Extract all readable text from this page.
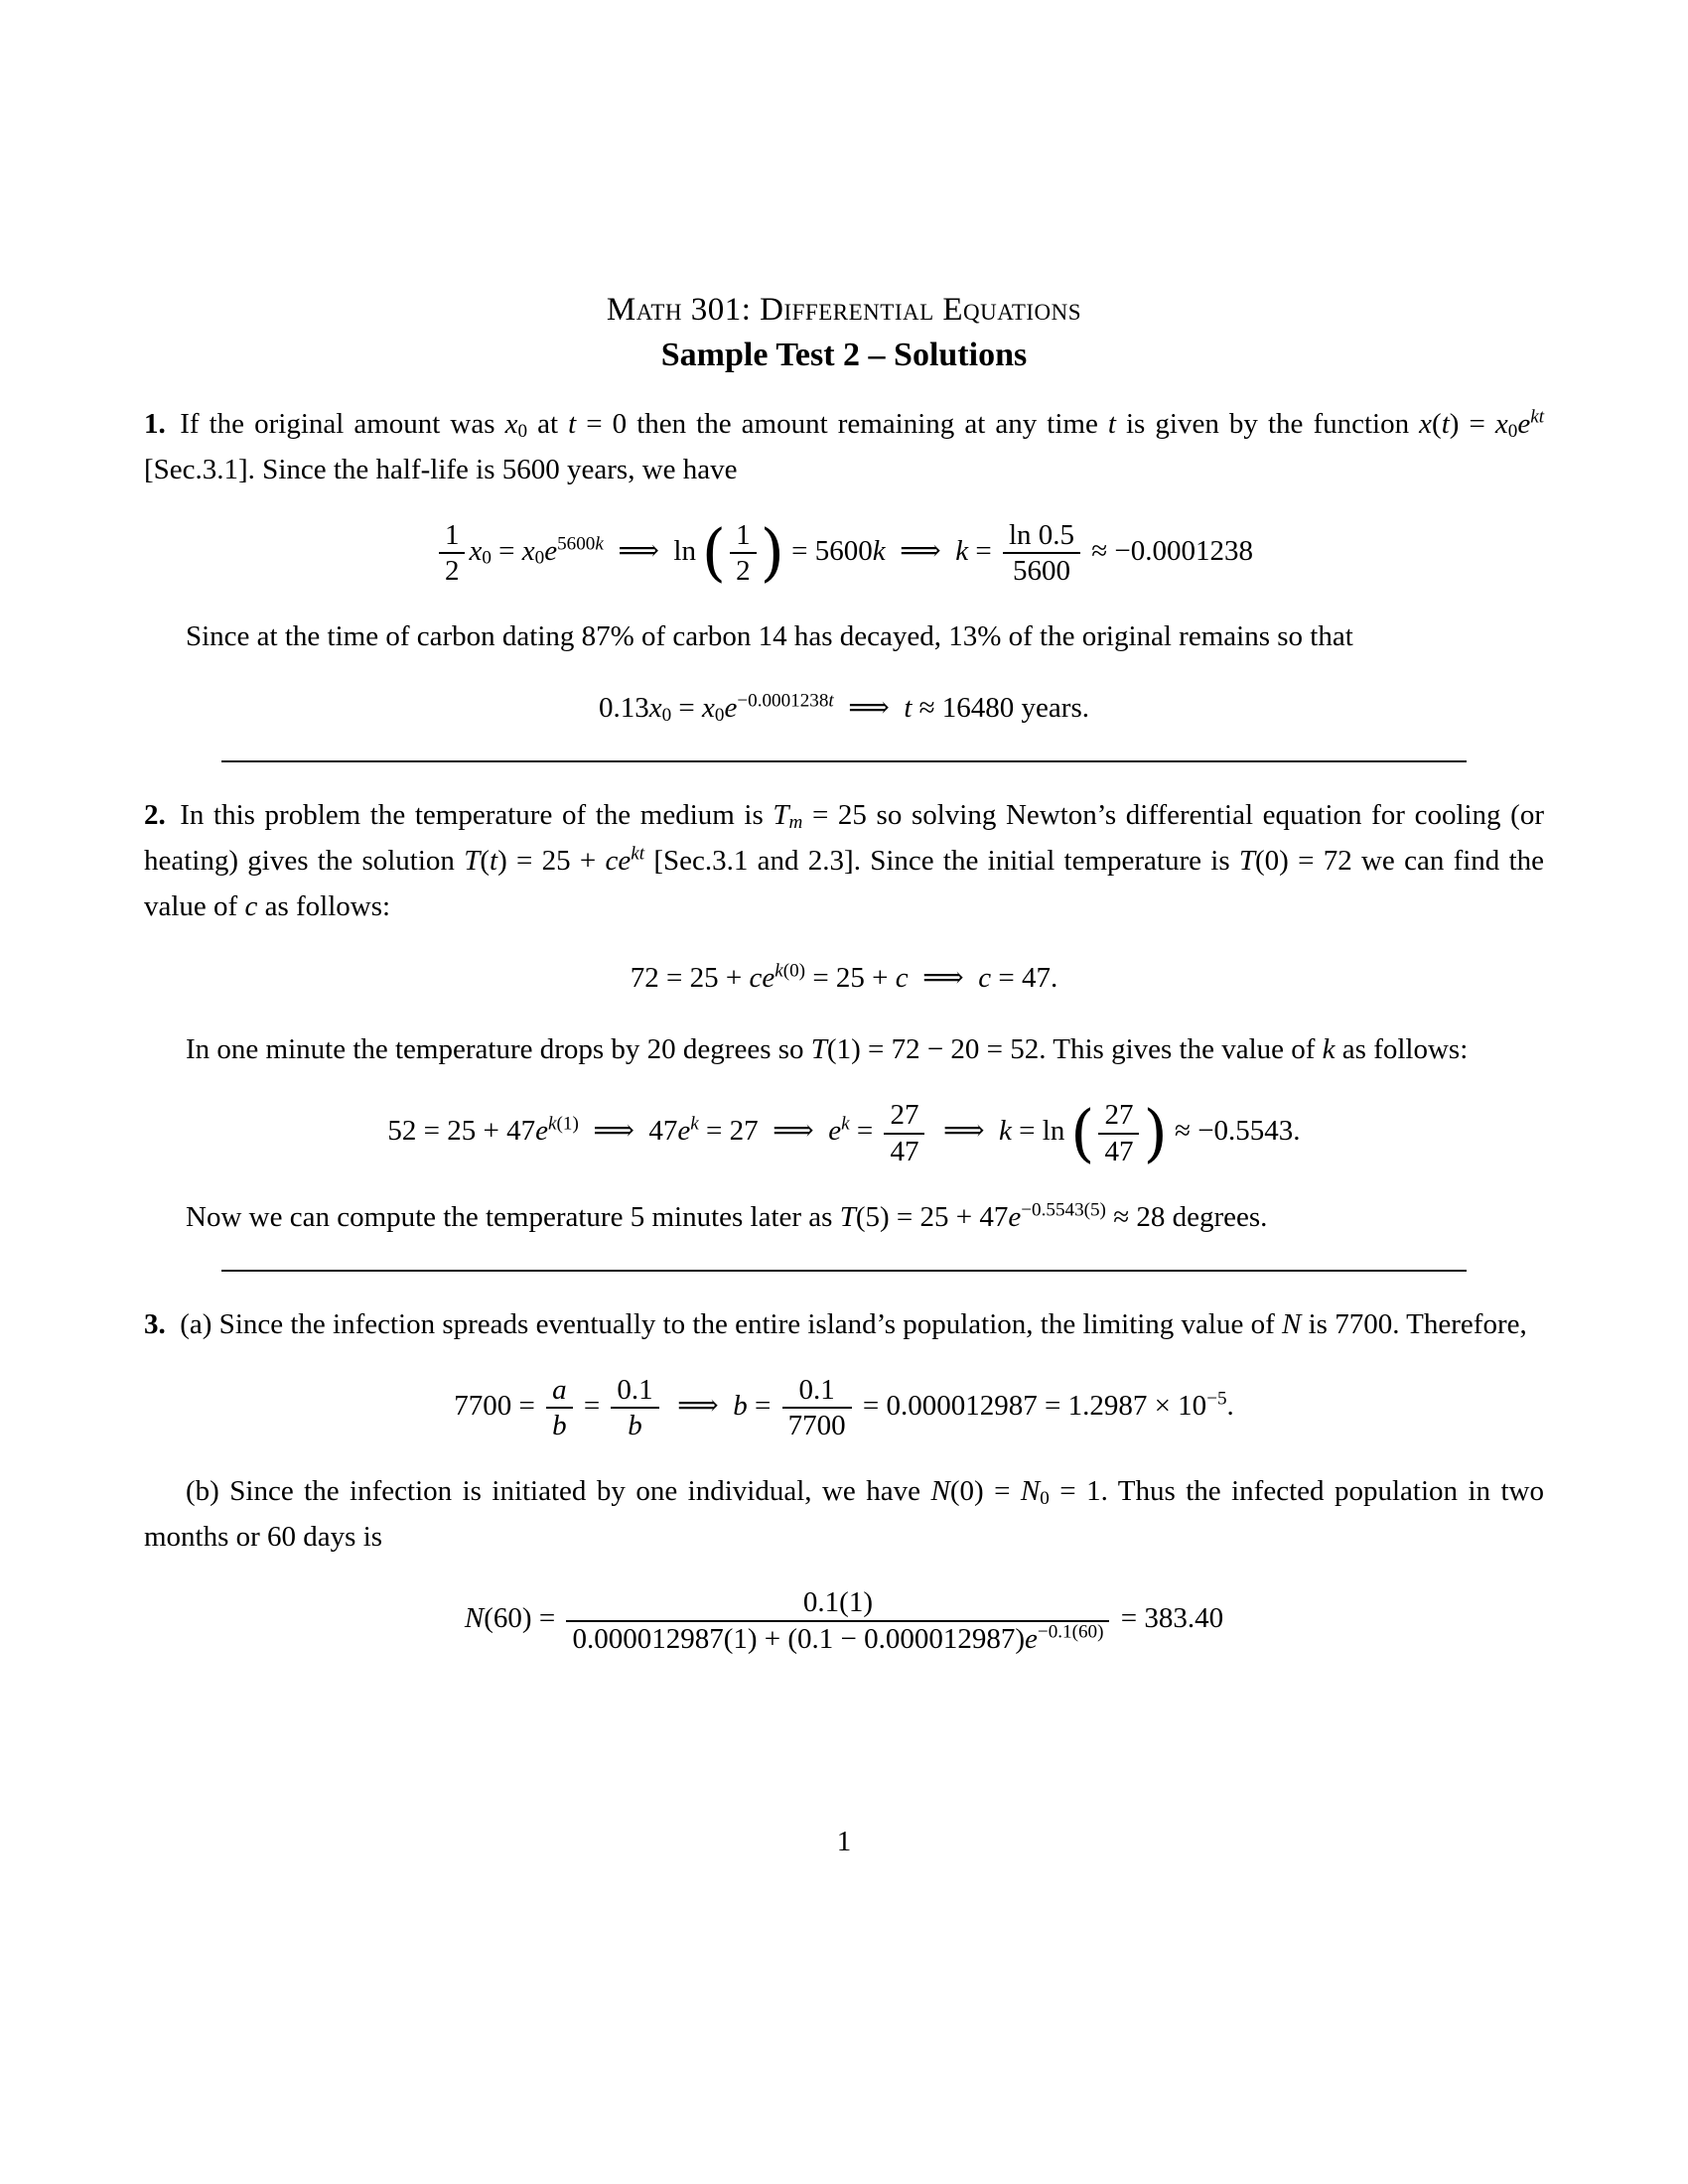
Math 301: Differential Equations
Sample Test 2 – Solutions
1. If the original amount was x0 at t = 0 then the amount remaining at any time t is given by the function $x(t) = x0e^{kt}$ [Sec.3.1]. Since the half-life is 5600 years, we have
$\frac{1}{2} x0 = x0e^{5600k}$ ⟹ ln  ( $\frac{1}{2}$ ) = 5600k ⟹ $k = \frac{\ln 0.5}{5600} \approx -0.0001238$
Since at the time of carbon dating 87% of carbon 14 has decayed, 13% of the original remains so that
$0.13x0 = x0e^{-0.0001238t}$ ⟹ t ≈ 16480 years.
2. In this problem the temperature of the medium is Tm = 25 so solving Newton’s differential equation for cooling (or heating) gives the solution $T(t) = 25 + ce^{kt}$ [Sec.3.1 and 2.3]. Since the initial temperature is T(0) = 72 we can find the value of c as follows:
$72 = 25 + ce^{k(0)} = 25 + c$ ⟹ c = 47.
In one minute the temperature drops by 20 degrees so T(1) = 72 − 20 = 52. This gives the value of k as follows:
$52 = 25 + 47e^{k(1)}$ ⟹ $47e^k = 27$ ⟹ $e^k = \frac{27}{47}$  ⟹ k = ln  ( $\frac{27}{47}$ ) ≈ −0.5543.
Now we can compute the temperature 5 minutes later as $T(5) = 25 + 47e^{-0.5543(5)} \approx 28$ degrees.
3. (a) Since the infection spreads eventually to the entire island’s population, the limiting value of N is 7700. Therefore,
$7700 = \frac{a}{b} = \frac{0.1}{b}$  ⟹ $b = \frac{0.1}{7700} = 0.000012987 = 1.2987 \times 10^{-5}$.
(b) Since the infection is initiated by one individual, we have N(0) = N0 = 1. Thus the infected population in two months or 60 days is
$N(60) = \frac{0.1(1)}{0.000012987(1) + (0.1 - 0.000012987)e^{-0.1(60)}} = 383.40$
1
